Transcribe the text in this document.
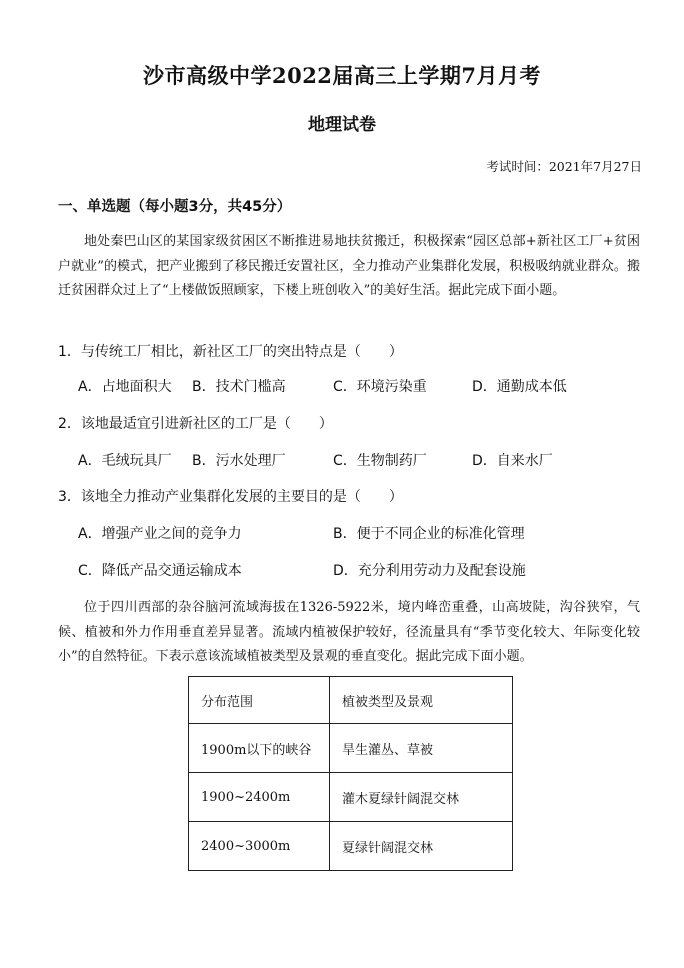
沙市高级中学2022届高三上学期7月月考
地理试卷
考试时间：2021年7月27日
一、单选题（每小题3分，共45分）
地处秦巴山区的某国家级贫困区不断推进易地扶贫搬迁，积极探索“园区总部+新社区工厂+贫困户就业”的模式，把产业搬到了移民搬迁安置社区，全力推动产业集群化发展，积极吸纳就业群众。搬迁贫困群众过上了“上楼做饭照顾家，下楼上班创收入”的美好生活。据此完成下面小题。
1．与传统工厂相比，新社区工厂的突出特点是（　　）
A．占地面积大 B．技术门槛高	C．环境污染重	D．通勤成本低
2．该地最适宜引进新社区的工厂是（　　）
A．毛绒玩具厂 B．污水处理厂	C．生物制药厂	D．自来水厂
3．该地全力推动产业集群化发展的主要目的是（　　）
A．增强产业之间的竞争力	B．便于不同企业的标准化管理
C．降低产品交通运输成本	D．充分利用劳动力及配套设施
位于四川西部的杂谷脑河流域海拔在1326-5922米，境内峰峦重叠，山高坡陡，沟谷狭窄，气候、植被和外力作用垂直差异显著。流域内植被保护较好，径流量具有“季节变化较大、年际变化较小”的自然特征。下表示意该流域植被类型及景观的垂直变化。据此完成下面小题。
分布范围	植被类型及景观
1900m以下的峡谷	旱生灌丛、草被
1900~2400m	灌木夏绿针阔混交林
2400~3000m	夏绿针阔混交林
